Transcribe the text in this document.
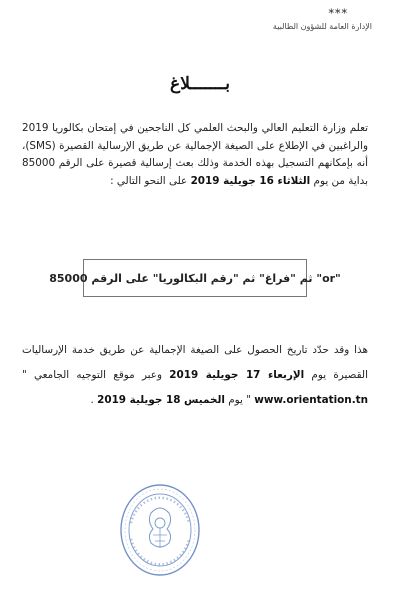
***
الإدارة العامة للشؤون الطالبية
بـــــــلاغ
تعلم وزارة التعليم العالي والبحث العلمي كل الناجحين في إمتحان بكالوريا 2019 والراغبين في الإطلاع على الصيغة الإجمالية عن طريق الإرسالية القصيرة (SMS)، أنه بإمكانهم التسجيل بهذه الخدمة وذلك بعث إرسالية قصيرة على الرقم 85000 بداية من يوم الثلاثاء 16 جويلية 2019 على النحو التالي :
"or" ثم "فراغ" ثم "رقم البكالوريا" على الرقم 85000
هذا وقد حدّد تاريخ الحصول على الصيغة الإجمالية عن طريق خدمة الإرساليات القصيرة يوم الإربعاء 17 جويلية 2019 وعبر موقع التوجيه الجامعي " www.orientation.tn " يوم الخميس 18 جويلية 2019 .
